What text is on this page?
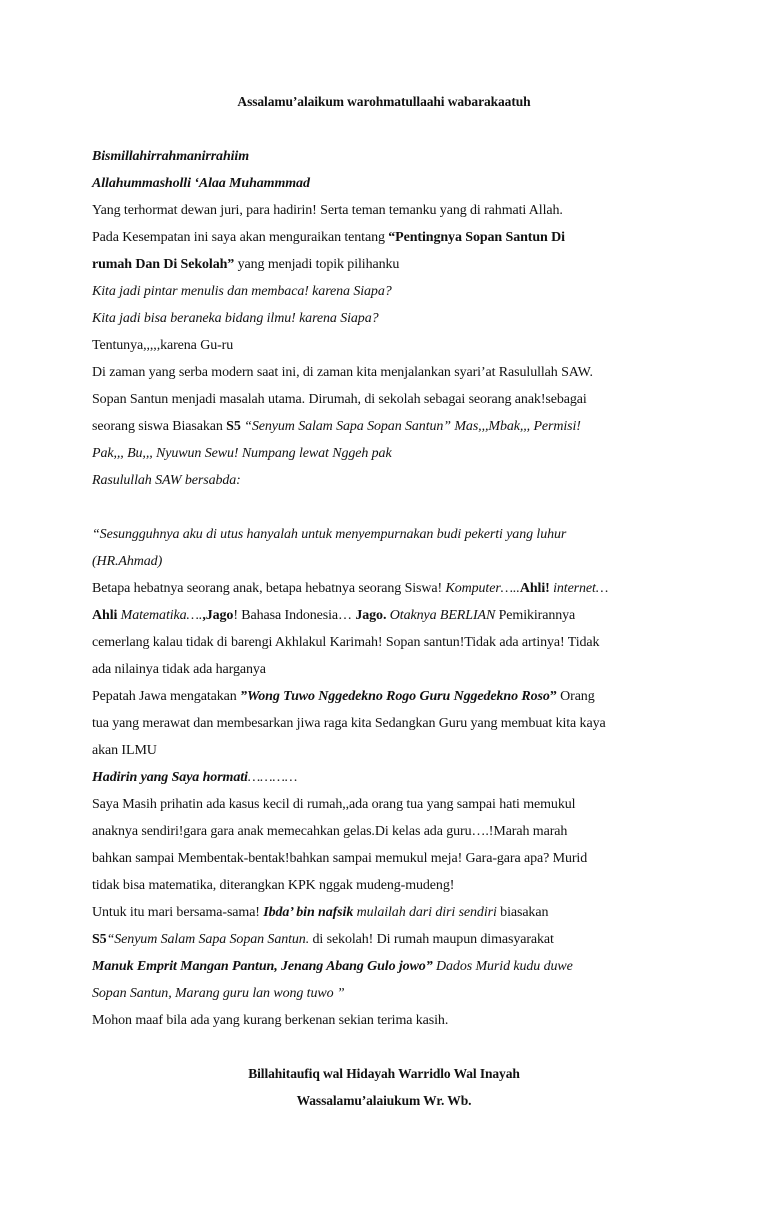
Assalamu’alaikum warohmatullaahi wabarakaatuh
Bismillahirrahmanirrahiim
Allahummasholli ‘Alaa Muhammmad
Yang terhormat dewan juri, para hadirin! Serta teman temanku yang di rahmati Allah.
Pada Kesempatan ini saya akan menguraikan tentang “Pentingnya Sopan Santun Di
rumah Dan Di Sekolah” yang menjadi topik pilihanku
Kita jadi pintar menulis dan membaca! karena Siapa?
Kita jadi bisa beraneka bidang ilmu! karena Siapa?
Tentunya,,,,,karena Gu-ru
Di zaman yang serba modern saat ini, di zaman kita menjalankan syari’at Rasulullah SAW.
Sopan Santun menjadi masalah utama. Dirumah, di sekolah sebagai seorang anak!sebagai
seorang siswa Biasakan S5 “Senyum Salam Sapa Sopan Santun” Mas,,,Mbak,,, Permisi!
Pak,,, Bu,,, Nyuwun Sewu! Numpang lewat Nggeh pak
Rasulullah SAW bersabda:
“Sesungguhnya aku di utus hanyalah untuk menyempurnakan budi pekerti yang luhur
(HR.Ahmad)
Betapa hebatnya seorang anak, betapa hebatnya seorang Siswa! Komputer…..Ahli! internet…
Ahli Matematika….,Jago! Bahasa Indonesia… Jago. Otaknya BERLIAN Pemikirannya
cemerlang kalau tidak di barengi Akhlakul Karimah! Sopan santun!Tidak ada artinya! Tidak
ada nilainya tidak ada harganya
Pepatah Jawa mengatakan ”Wong Tuwo Nggedekno Rogo Guru Nggedekno Roso” Orang
tua yang merawat dan membesarkan jiwa raga kita Sedangkan Guru yang membuat kita kaya
akan ILMU
Hadirin yang Saya hormati…………
Saya Masih prihatin ada kasus kecil di rumah,,ada orang tua yang sampai hati memukul
anaknya sendiri!gara gara anak memecahkan gelas.Di kelas ada guru….!Marah marah
bahkan sampai Membentak-bentak!bahkan sampai memukul meja! Gara-gara apa? Murid
tidak bisa matematika, diterangkan KPK nggak mudeng-mudeng!
Untuk itu mari bersama-sama! Ibda’ bin nafsik mulailah dari diri sendiri biasakan
S5“Senyum Salam Sapa Sopan Santun. di sekolah! Di rumah maupun dimasyarakat
Manuk Emprit Mangan Pantun, Jenang Abang Gulo jowo” Dados Murid kudu duwe
Sopan Santun, Marang guru lan wong tuwo ”
Mohon maaf bila ada yang kurang berkenan sekian terima kasih.
Billahitaufiq wal Hidayah Warridlo Wal Inayah
Wassalamu’alaiukum Wr. Wb.
